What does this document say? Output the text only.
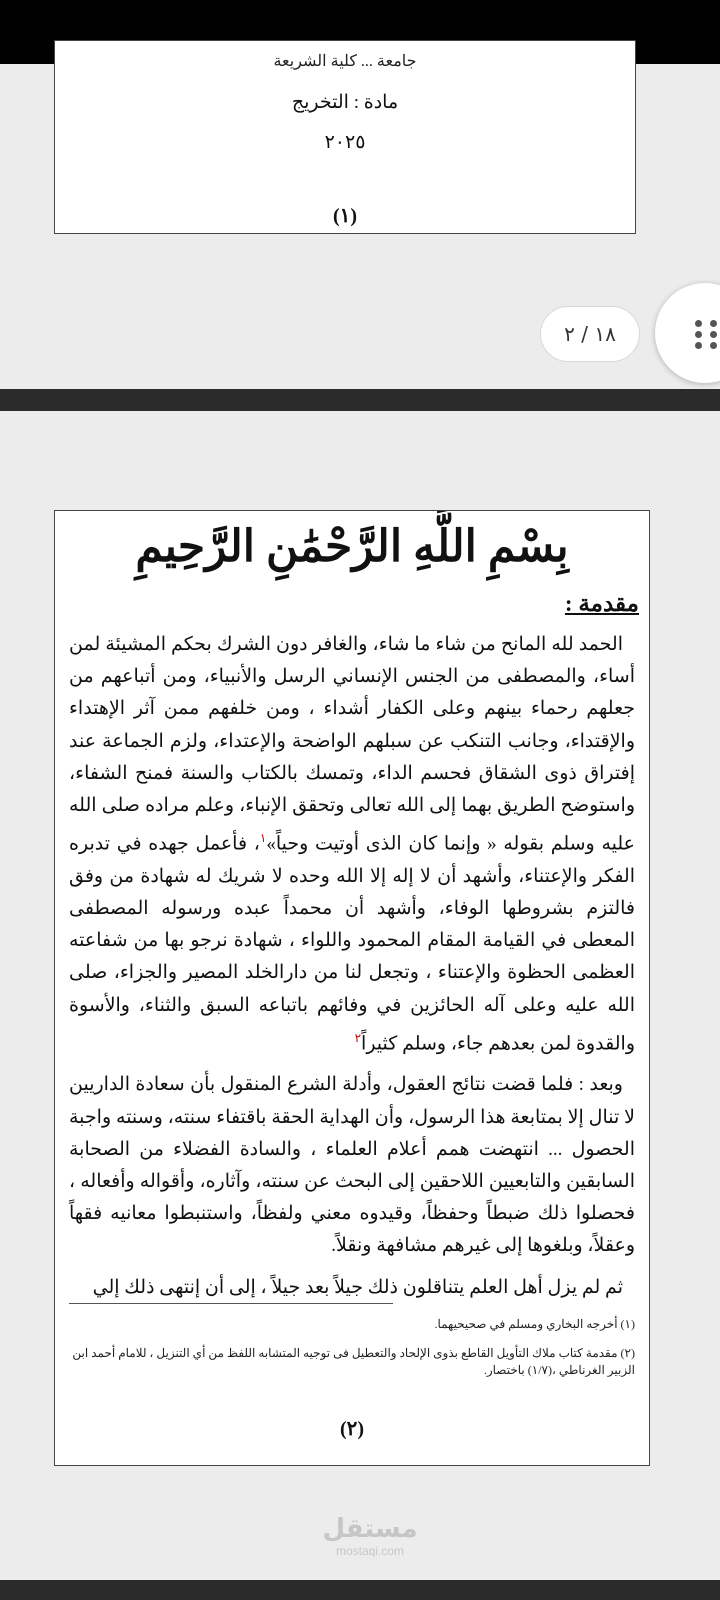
جامعة ... كلية الشريعة
مادة : التخريج
٢٠٢٥
(١)
١٨ / ٢
بِسْمِ اللَّهِ الرَّحْمَٰنِ الرَّحِيمِ
مقدمة :

الحمد لله المانح من شاء ما شاء، والغافر دون الشرك بحكم المشيئة لمن أساء، والمصطفى من الجنس الإنساني الرسل والأنبياء، ومن أتباعهم من جعلهم رحماء بينهم وعلى الكفار أشداء ، ومن خلفهم ممن آثر الإهتداء والإقتداء، وجانب التنكب عن سبلهم الواضحة والإعتداء، ولزم الجماعة عند إفتراق ذوى الشقاق فحسم الداء، وتمسك بالكتاب والسنة فمنح الشفاء، واستوضح الطريق بهما إلى الله تعالى وتحقق الإنباء، وعلم مراده صلى الله عليه وسلم بقوله « وإنما كان الذى أوتيت وحياً»$^١$، فأعمل جهده في تدبره الفكر والإعتناء، وأشهد أن لا إله إلا الله وحده لا شريك له شهادة من وفق فالتزم بشروطها الوفاء، وأشهد أن محمداً عبده ورسوله المصطفى المعطى في القيامة المقام المحمود واللواء ، شهادة نرجو بها من شفاعته العظمى الحظوة والإعتناء ، وتجعل لنا من دارالخلد المصير والجزاء، صلى الله عليه وعلى آله الحائزين في وفائهم باتباعه السبق والثناء، والأسوة والقدوة لمن بعدهم جاء، وسلم كثيراً$^٢$

وبعد : فلما قضت نتائج العقول، وأدلة الشرع المنقول بأن سعادة الداريين لا تنال إلا بمتابعة هذا الرسول، وأن الهداية الحقة باقتفاء سنته، وسنته واجبة الحصول ... انتهضت همم أعلام العلماء ، والسادة الفضلاء من الصحابة السابقين والتابعيين اللاحقين إلى البحث عن سنته، وآثاره، وأقواله وأفعاله ، فحصلوا ذلك ضبطاً وحفظاً، وقيدوه معني ولفظاً، واستنبطوا معانيه فقهاً وعقلاً، وبلغوها إلى غيرهم مشافهة ونقلاً.

ثم لم يزل أهل العلم يتناقلون ذلك جيلاً بعد جيلاً ، إلى أن إنتهى ذلك إلي

(١) أخرجه البخاري ومسلم في صحيحيهما.

(٢) مقدمة كتاب ملاك التأويل القاطع بذوى الإلحاد والتعطيل فى توجيه المتشابه اللفظ من أي التنزيل ، للامام أحمد ابن الزبير الغرناطي ،(١/٧) باختصار.

(٢)
مستقل
mostaqi.com
